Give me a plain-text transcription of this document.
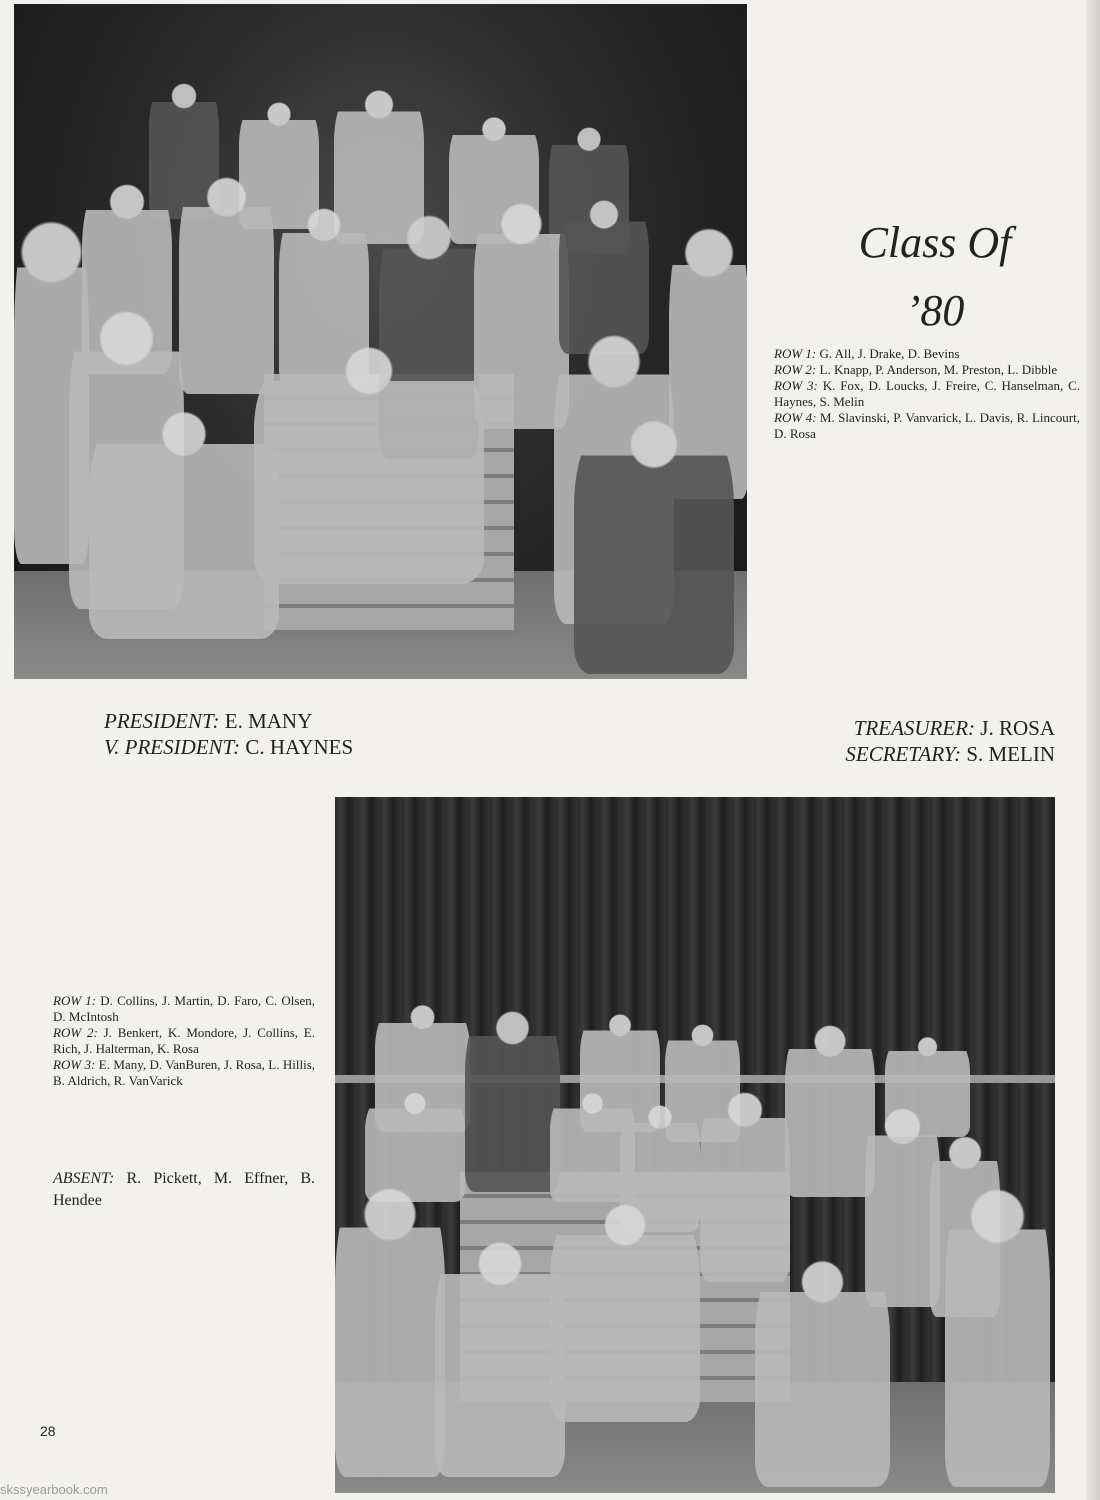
Class Of

’80

ROW 1: G. All, J. Drake, D. Bevins
ROW 2: L. Knapp, P. Anderson, M. Preston, L. Dibble
ROW 3: K. Fox, D. Loucks, J. Freire, C. Hanselman, C. Haynes, S. Melin
ROW 4: M. Slavinski, P. Vanvarick, L. Davis, R. Lincourt, D. Rosa

PRESIDENT: E. MANY

V. PRESIDENT: C. HAYNES

TREASURER: J. ROSA

SECRETARY: S. MELIN

ROW 1: D. Collins, J. Martin, D. Faro, C. Olsen, D. McIntosh
ROW 2: J. Benkert, K. Mondore, J. Collins, E. Rich, J. Halterman, K. Rosa
ROW 3: E. Many, D. VanBuren, J. Rosa, L. Hillis, B. Aldrich, R. VanVarick

ABSENT: R. Pickett, M. Effner, B. Hendee

28

skssyearbook.com
